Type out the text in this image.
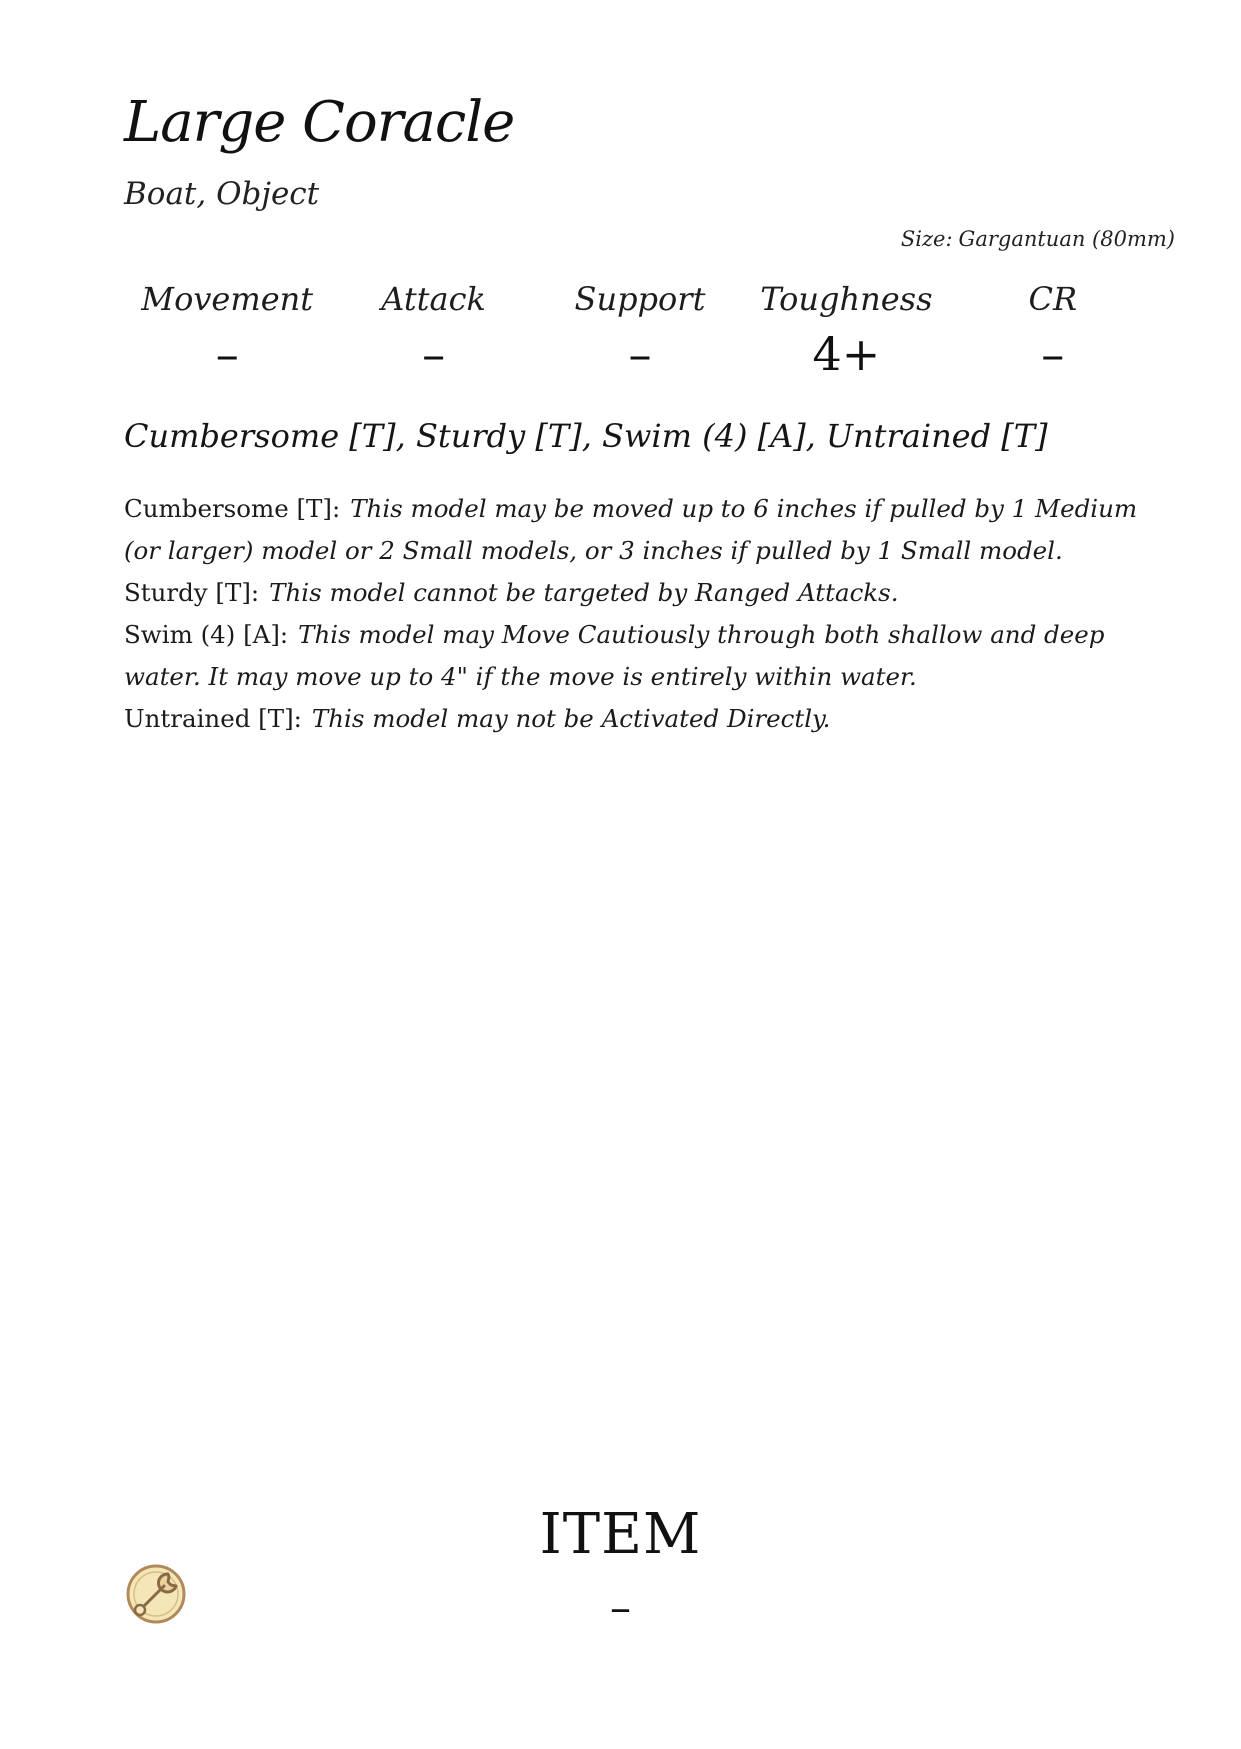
Large Coracle
Boat, Object
Size: Gargantuan (80mm)
Movement
–
Attack
–
Support
–
Toughness
4+
CR
–
Cumbersome [T], Sturdy [T], Swim (4) [A], Untrained [T]

Cumbersome [T]: This model may be moved up to 6 inches if pulled by 1 Medium (or larger) model or 2 Small models, or 3 inches if pulled by 1 Small model.

Sturdy [T]: This model cannot be targeted by Ranged Attacks.

Swim (4) [A]: This model may Move Cautiously through both shallow and deep water. It may move up to 4" if the move is entirely within water.

Untrained [T]: This model may not be Activated Directly.

ITEM
–
